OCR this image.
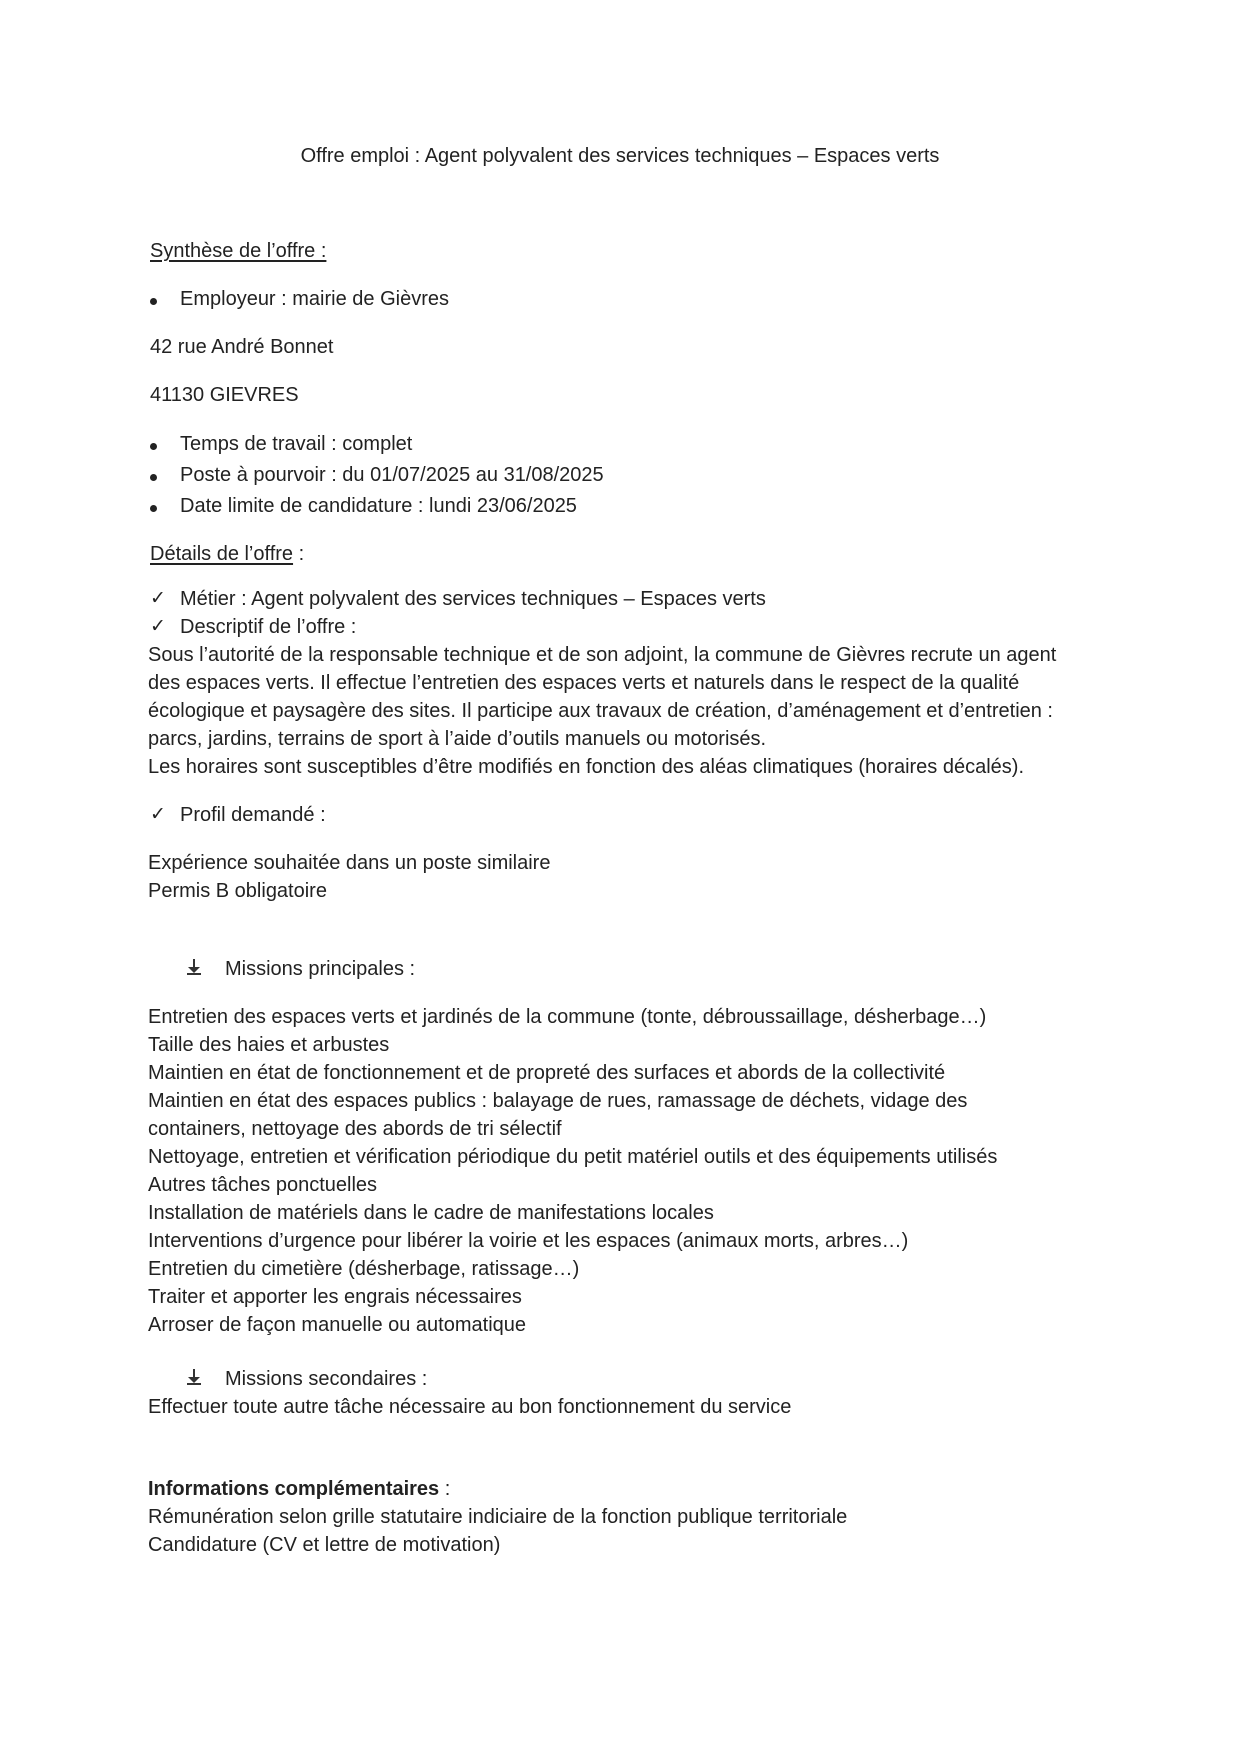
Offre emploi : Agent polyvalent des services techniques – Espaces verts

Synthèse de l’offre :

Employeur : mairie de Gièvres

42 rue André Bonnet

41130 GIEVRES

Temps de travail : complet

Poste à pourvoir : du 01/07/2025 au 31/08/2025

Date limite de candidature : lundi 23/06/2025

Détails de l’offre :

✓ Métier : Agent polyvalent des services techniques – Espaces verts

✓ Descriptif de l’offre :

Sous l’autorité de la responsable technique et de son adjoint, la commune de Gièvres recrute un agent
des espaces verts. Il effectue l’entretien des espaces verts et naturels dans le respect de la qualité
écologique et paysagère des sites. Il participe aux travaux de création, d’aménagement et d’entretien :
parcs, jardins, terrains de sport à l’aide d’outils manuels ou motorisés.
Les horaires sont susceptibles d’être modifiés en fonction des aléas climatiques (horaires décalés).
✓ Profil demandé :

Expérience souhaitée dans un poste similaire
Permis B obligatoire

Missions principales :

Entretien des espaces verts et jardinés de la commune (tonte, débroussaillage, désherbage…)
Taille des haies et arbustes
Maintien en état de fonctionnement et de propreté des surfaces et abords de la collectivité
Maintien en état des espaces publics : balayage de rues, ramassage de déchets, vidage des
containers, nettoyage des abords de tri sélectif
Nettoyage, entretien et vérification périodique du petit matériel outils et des équipements utilisés
Autres tâches ponctuelles
Installation de matériels dans le cadre de manifestations locales
Interventions d’urgence pour libérer la voirie et les espaces (animaux morts, arbres…)
Entretien du cimetière (désherbage, ratissage…)
Traiter et apporter les engrais nécessaires
Arroser de façon manuelle ou automatique

Missions secondaires :

Effectuer toute autre tâche nécessaire au bon fonctionnement du service

Informations complémentaires :

Rémunération selon grille statutaire indiciaire de la fonction publique territoriale
Candidature (CV et lettre de motivation)
